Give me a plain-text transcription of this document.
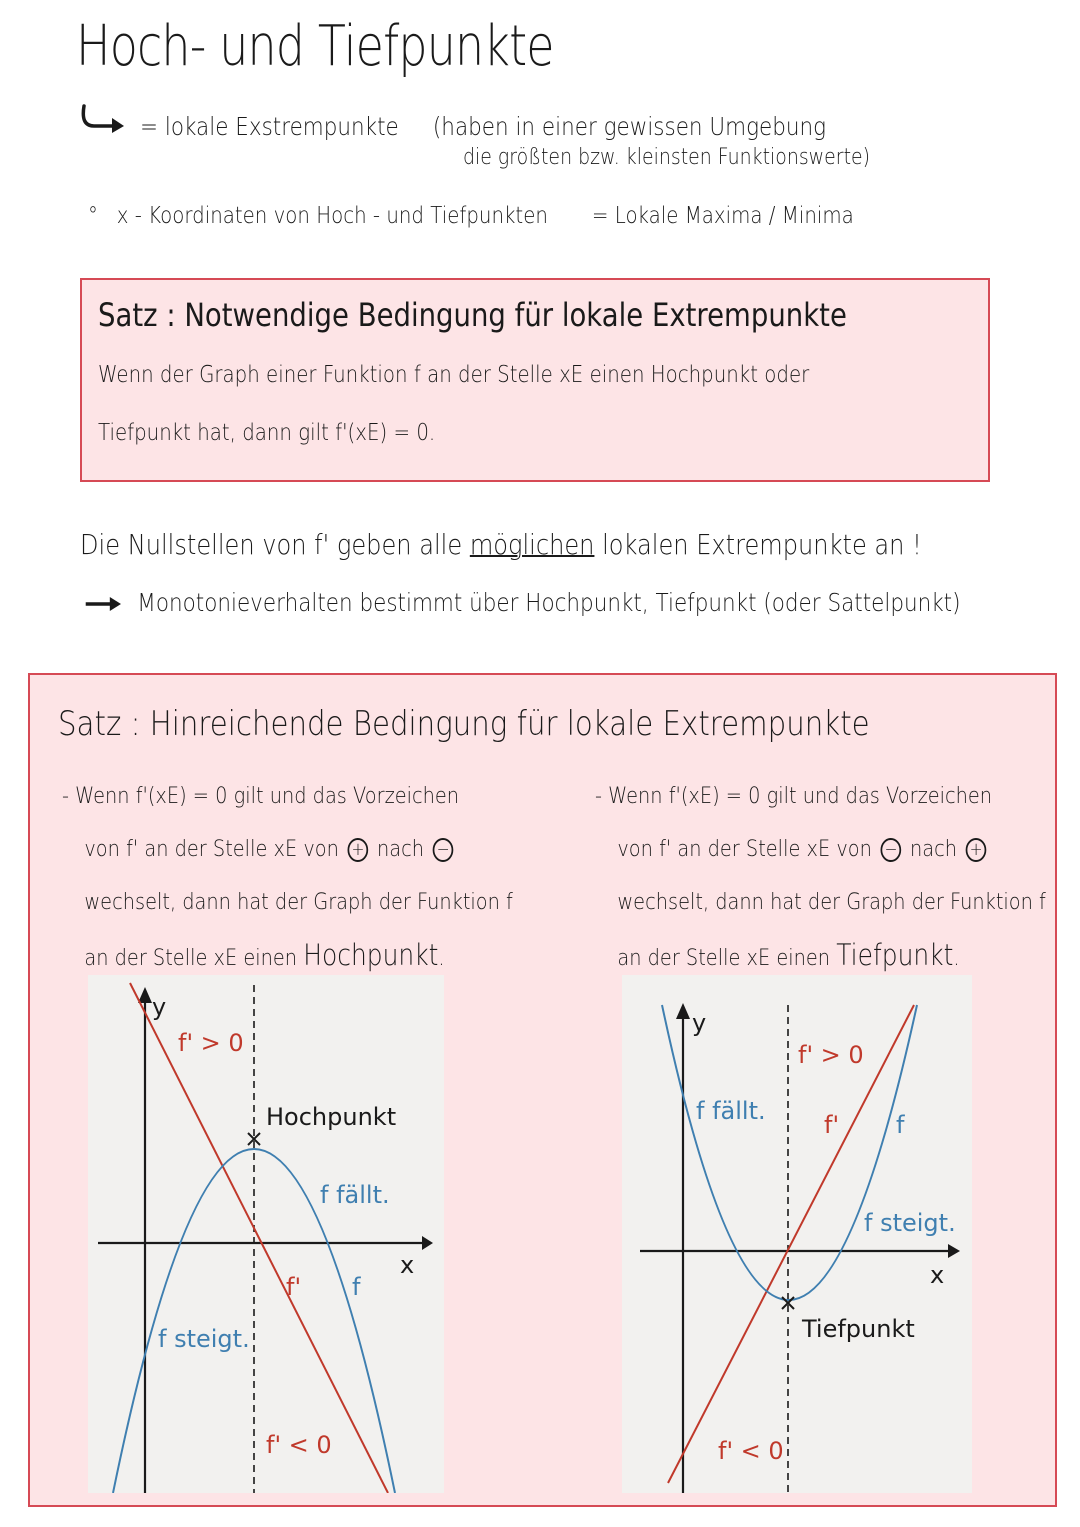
Hoch- und Tiefpunkte
= lokale Exstrempunkte (haben in einer gewissen Umgebung
die größten bzw. kleinsten Funktionswerte)
° x - Koordinaten von Hoch - und Tiefpunkten = Lokale Maxima / Minima
Satz : Notwendige Bedingung für lokale Extrempunkte
Wenn der Graph einer Funktion f an der Stelle xE einen Hochpunkt oder
Tiefpunkt hat, dann gilt f'(xE) = 0.
Die Nullstellen von f' geben alle möglichen lokalen Extrempunkte an !
Monotonieverhalten bestimmt über Hochpunkt, Tiefpunkt (oder Sattelpunkt)
Satz : Hinreichende Bedingung für lokale Extrempunkte
- Wenn f'(xE) = 0 gilt und das Vorzeichen
von f' an der Stelle xE von + nach −
wechselt, dann hat der Graph der Funktion f
an der Stelle xE einen Hochpunkt.
- Wenn f'(xE) = 0 gilt und das Vorzeichen
von f' an der Stelle xE von − nach +
wechselt, dann hat der Graph der Funktion f
an der Stelle xE einen Tiefpunkt.
y
x
f' > 0
f' < 0
Hochpunkt
f fällt.
f steigt.
f' f
y
x
f' > 0
f' < 0
Tiefpunkt
f fällt.
f steigt.
f' f
